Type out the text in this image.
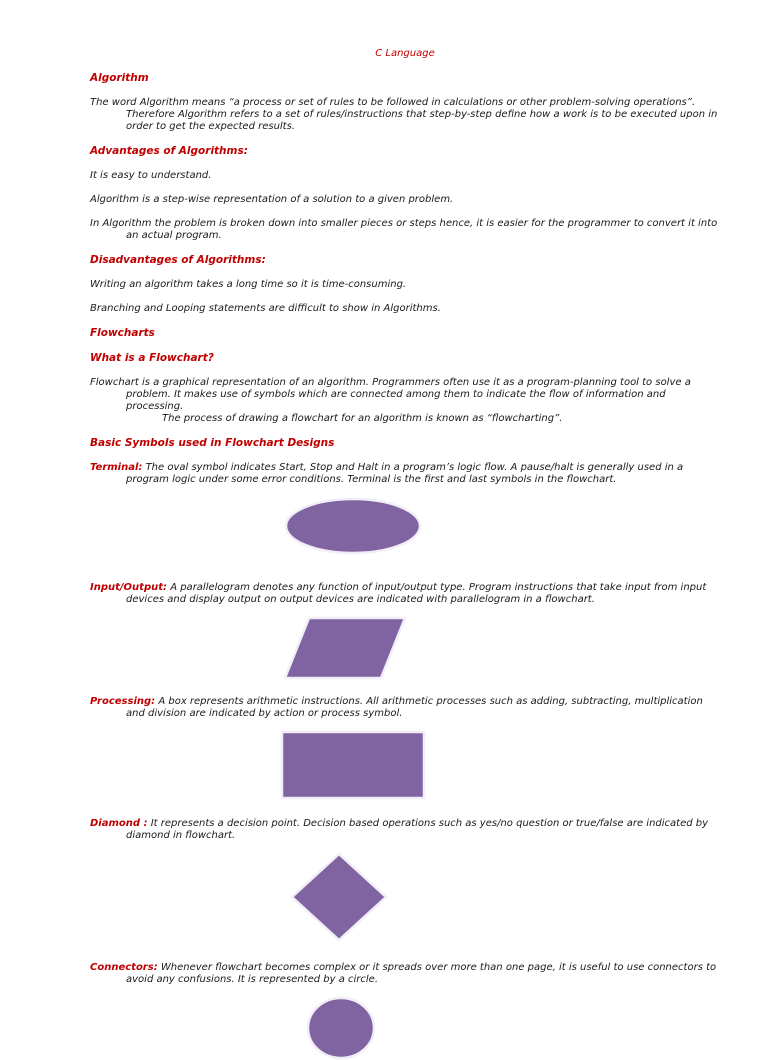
C Language
Algorithm

The word Algorithm means “a process or set of rules to be followed in calculations or other problem-solving operations”. Therefore Algorithm refers to a set of rules/instructions that step-by-step define how a work is to be executed upon in order to get the expected results.

Advantages of Algorithms:

It is easy to understand.

Algorithm is a step-wise representation of a solution to a given problem.

In Algorithm the problem is broken down into smaller pieces or steps hence, it is easier for the programmer to convert it into an actual program.

Disadvantages of Algorithms:

Writing an algorithm takes a long time so it is time-consuming.

Branching and Looping statements are difficult to show in Algorithms.

Flowcharts
What is a Flowchart?

Flowchart is a graphical representation of an algorithm. Programmers often use it as a program-planning tool to solve a problem. It makes use of symbols which are connected among them to indicate the flow of information and processing.
The process of drawing a flowchart for an algorithm is known as “flowcharting”.

Basic Symbols used in Flowchart Designs

Terminal: The oval symbol indicates Start, Stop and Halt in a program’s logic flow. A pause/halt is generally used in a program logic under some error conditions. Terminal is the first and last symbols in the flowchart.

Input/Output: A parallelogram denotes any function of input/output type. Program instructions that take input from input devices and display output on output devices are indicated with parallelogram in a flowchart.

Processing: A box represents arithmetic instructions. All arithmetic processes such as adding, subtracting, multiplication and division are indicated by action or process symbol.

Diamond : It represents a decision point. Decision based operations such as yes/no question or true/false are indicated by diamond in flowchart.

Connectors: Whenever flowchart becomes complex or it spreads over more than one page, it is useful to use connectors to avoid any confusions. It is represented by a circle.
